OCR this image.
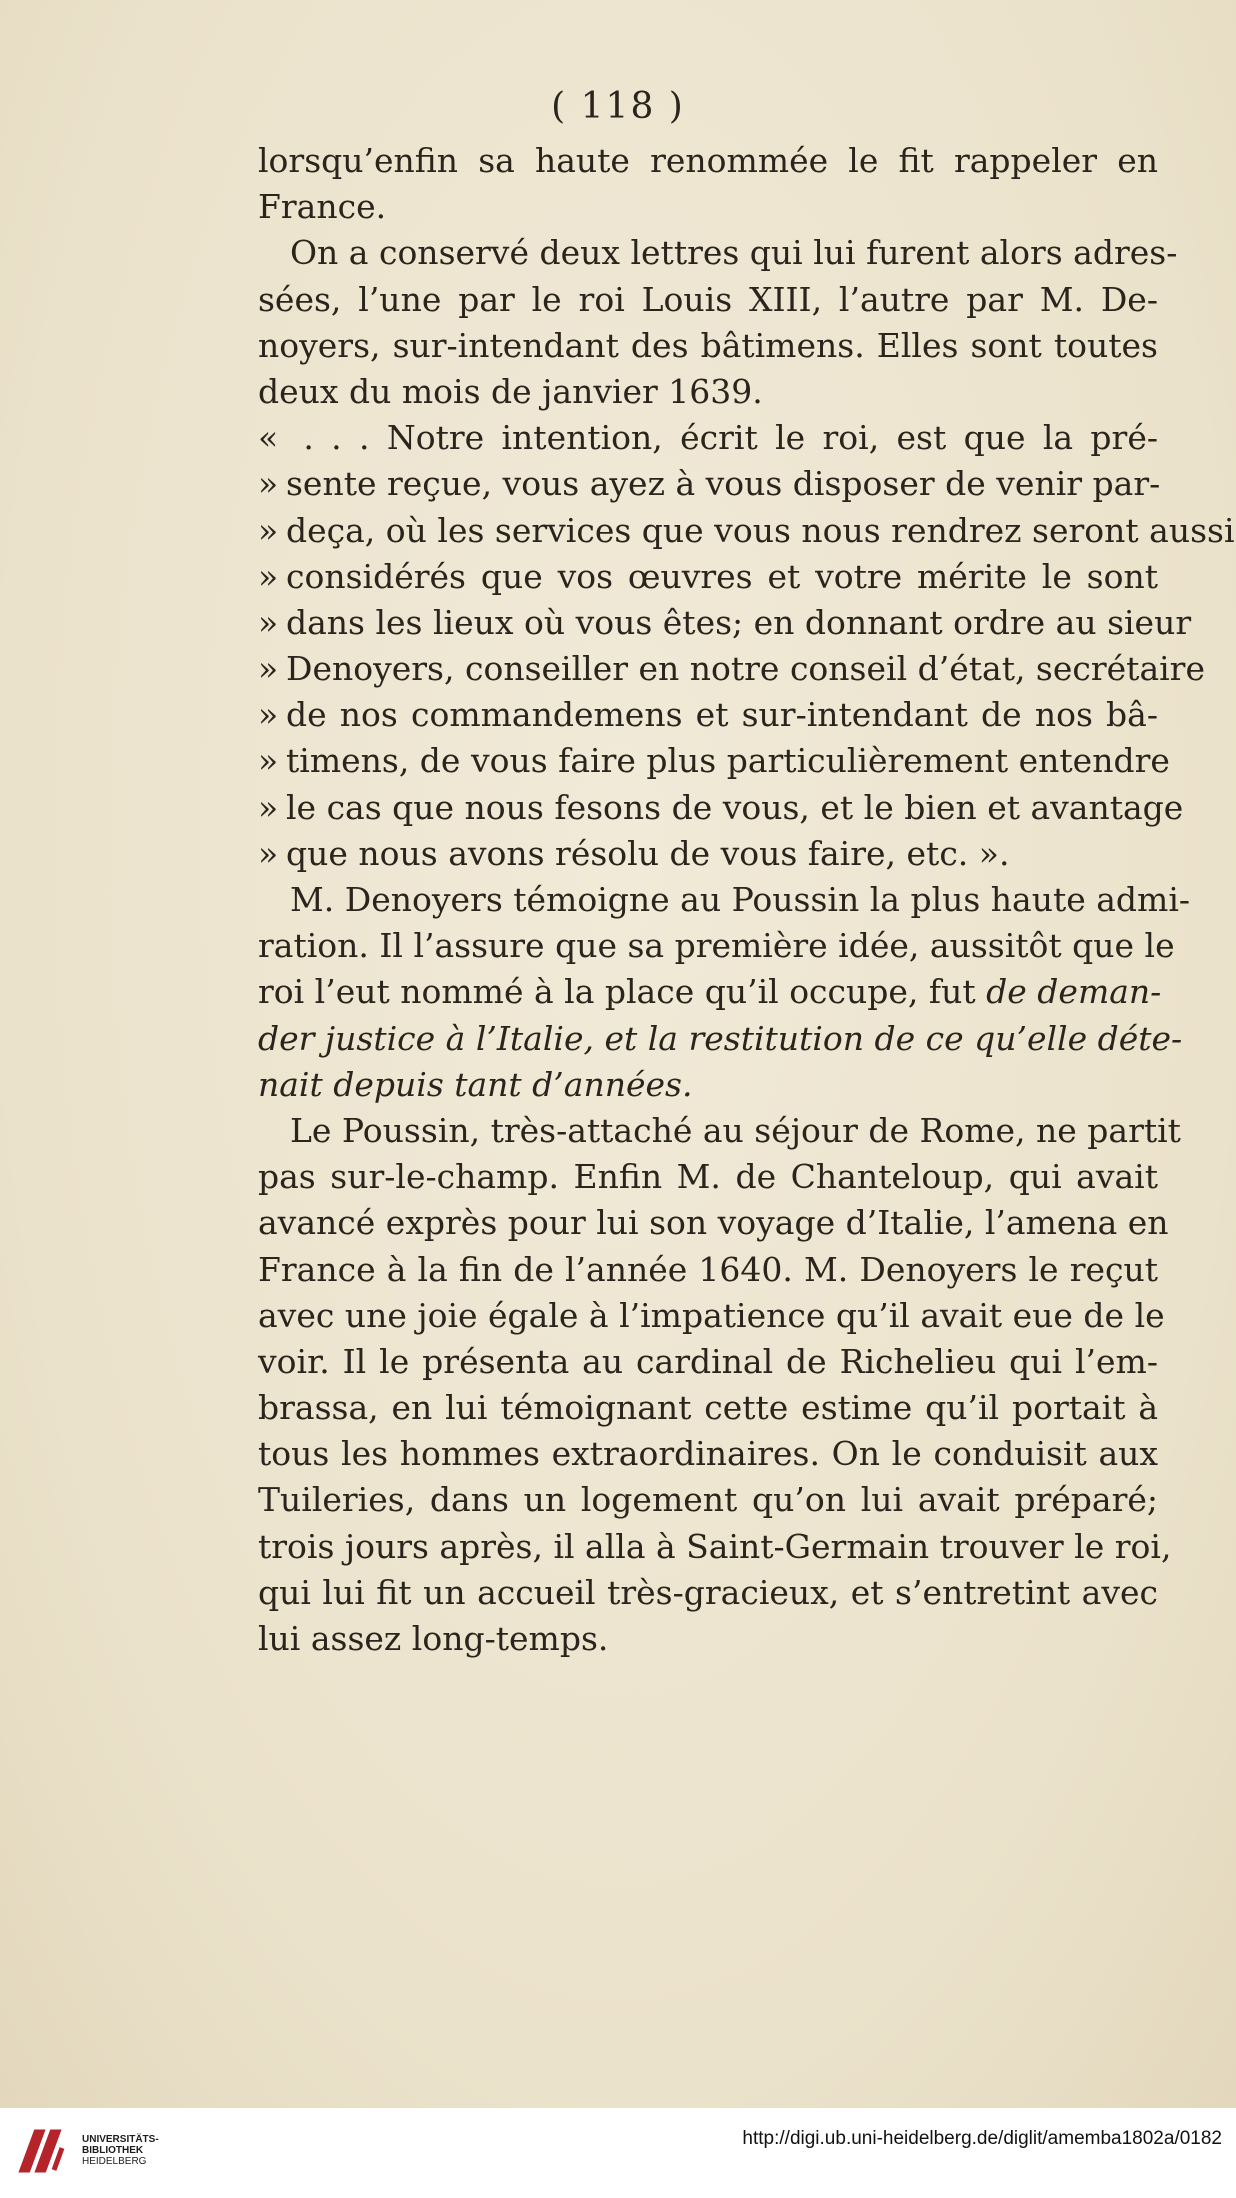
( 118 )
lorsqu’enfin sa haute renommée le fit rappeler en
France.
On a conservé deux lettres qui lui furent alors adres-
sées, l’une par le roi Louis XIII, l’autre par M. De-
noyers, sur-intendant des bâtimens. Elles sont toutes
deux du mois de janvier 1639.
« . . . Notre intention, écrit le roi, est que la pré-
» sente reçue, vous ayez à vous disposer de venir par-
» deça, où les services que vous nous rendrez seront aussi
» considérés que vos œuvres et votre mérite le sont
» dans les lieux où vous êtes; en donnant ordre au sieur
» Denoyers, conseiller en notre conseil d’état, secrétaire
» de nos commandemens et sur-intendant de nos bâ-
» timens, de vous faire plus particulièrement entendre
» le cas que nous fesons de vous, et le bien et avantage
» que nous avons résolu de vous faire, etc. ».
M. Denoyers témoigne au Poussin la plus haute admi-
ration. Il l’assure que sa première idée, aussitôt que le
roi l’eut nommé à la place qu’il occupe, fut de deman-
der justice à l’Italie, et la restitution de ce qu’elle déte-
nait depuis tant d’années.
Le Poussin, très-attaché au séjour de Rome, ne partit
pas sur-le-champ. Enfin M. de Chanteloup, qui avait
avancé exprès pour lui son voyage d’Italie, l’amena en
France à la fin de l’année 1640. M. Denoyers le reçut
avec une joie égale à l’impatience qu’il avait eue de le
voir. Il le présenta au cardinal de Richelieu qui l’em-
brassa, en lui témoignant cette estime qu’il portait à
tous les hommes extraordinaires. On le conduisit aux
Tuileries, dans un logement qu’on lui avait préparé;
trois jours après, il alla à Saint-Germain trouver le roi,
qui lui fit un accueil très-gracieux, et s’entretint avec
lui assez long-temps.
UNIVERSITÄTS-
BIBLIOTHEK
HEIDELBERG
http://digi.ub.uni-heidelberg.de/diglit/amemba1802a/0182
